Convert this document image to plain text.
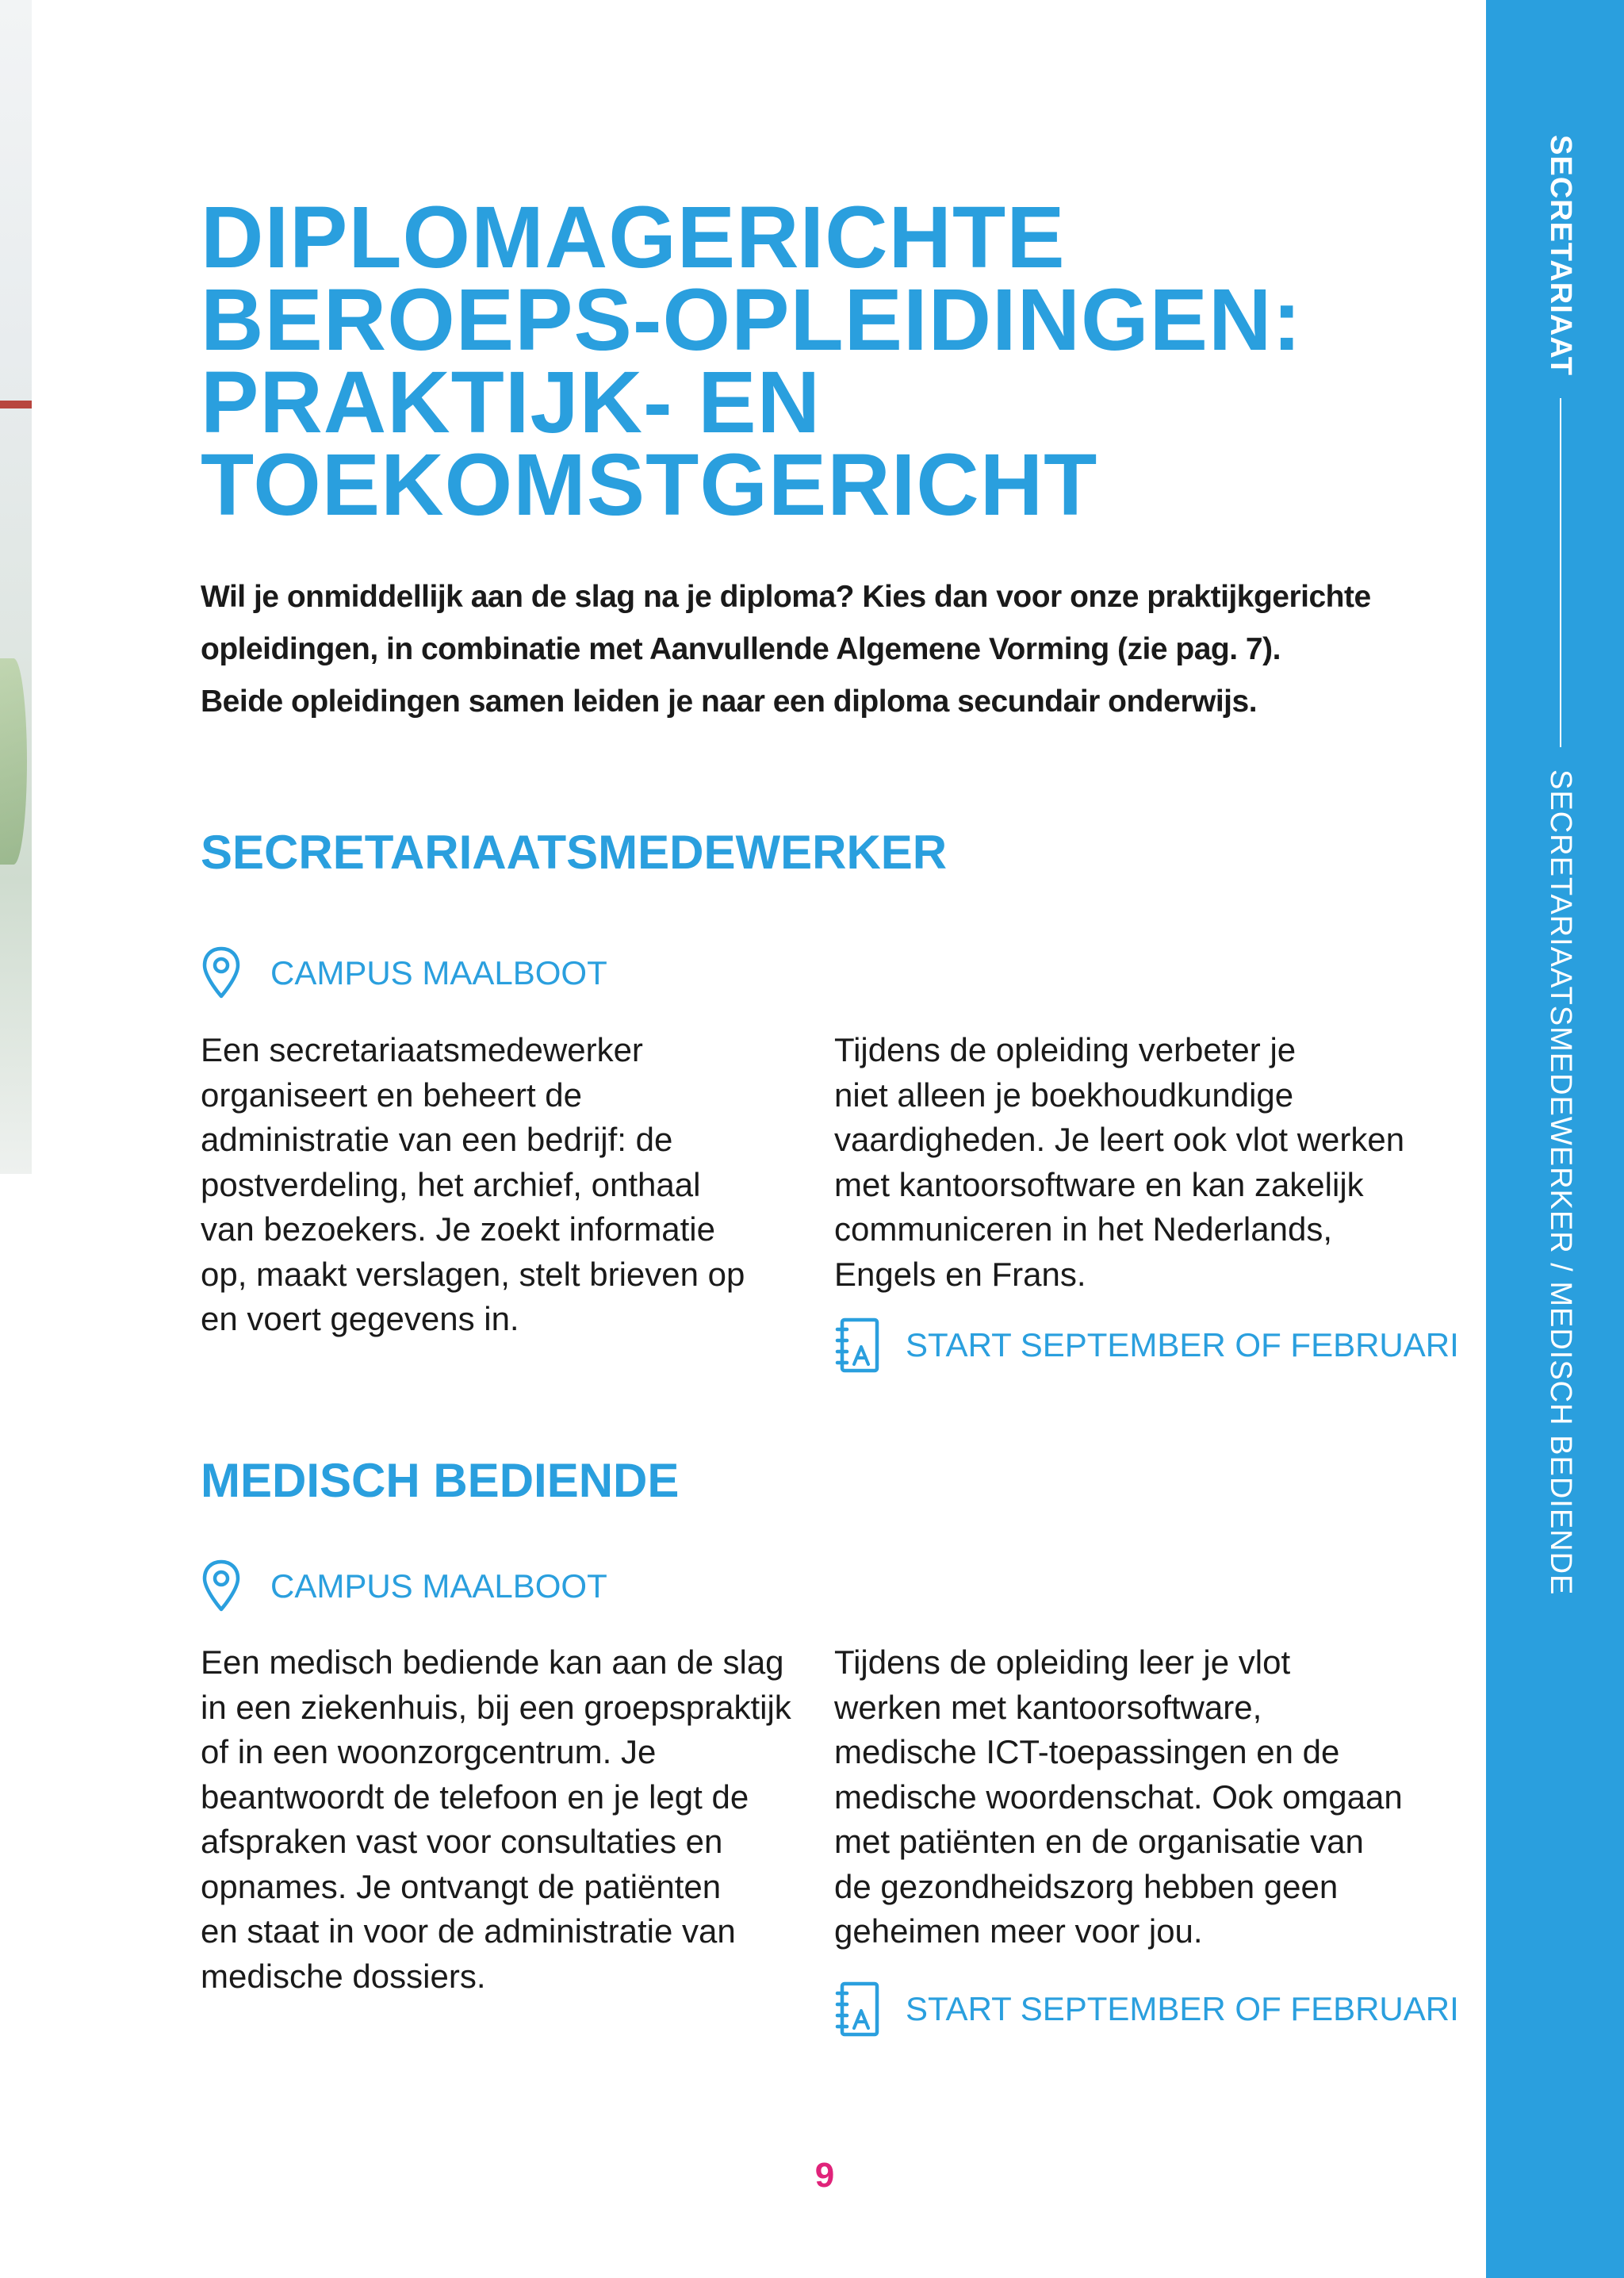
SECRETARIAAT
SECRETARIAATSMEDEWERKER / MEDISCH BEDIENDE
DIPLOMAGERICHTE
BEROEPS-OPLEIDINGEN:
PRAKTIJK- EN
TOEKOMSTGERICHT
Wil je onmiddellijk aan de slag na je diploma? Kies dan voor onze praktijkgerichte
opleidingen, in combinatie met Aanvullende Algemene Vorming (zie pag. 7).
Beide opleidingen samen leiden je naar een diploma secundair onderwijs.
SECRETARIAATSMEDEWERKER
CAMPUS MAALBOOT
Een secretariaatsmedewerker
organiseert en beheert de
administratie van een bedrijf: de
postverdeling, het archief, onthaal
van bezoekers. Je zoekt informatie
op, maakt verslagen, stelt brieven op
en voert gegevens in.
Tijdens de opleiding verbeter je
niet alleen je boekhoudkundige
vaardigheden. Je leert ook vlot werken
met kantoorsoftware en kan zakelijk
communiceren in het Nederlands,
Engels en Frans.
START SEPTEMBER OF FEBRUARI
MEDISCH BEDIENDE
CAMPUS MAALBOOT
Een medisch bediende kan aan de slag
in een ziekenhuis, bij een groepspraktijk
of in een woonzorgcentrum. Je
beantwoordt de telefoon en je legt de
afspraken vast voor consultaties en
opnames. Je ontvangt de patiënten
en staat in voor de administratie van
medische dossiers.
Tijdens de opleiding leer je vlot
werken met kantoorsoftware,
medische ICT-toepassingen en de
medische woordenschat. Ook omgaan
met patiënten en de organisatie van
de gezondheidszorg hebben geen
geheimen meer voor jou.
START SEPTEMBER OF FEBRUARI
9
